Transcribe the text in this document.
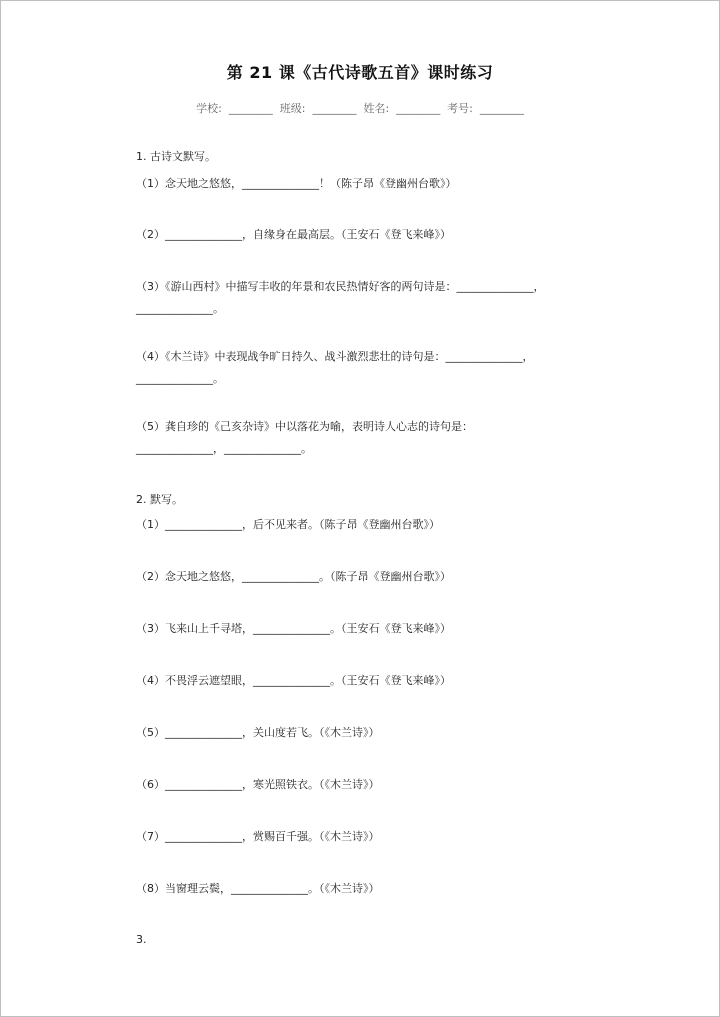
第 21 课《古代诗歌五首》课时练习
学校:  ________  班级:  ________  姓名:  ________  考号:  ________
1. 古诗文默写。
（1）念天地之悠悠，______________！（陈子昂《登幽州台歌》）
（2）______________，自缘身在最高层。（王安石《登飞来峰》）
（3）《游山西村》中描写丰收的年景和农民热情好客的两句诗是：______________，
______________。
（4）《木兰诗》中表现战争旷日持久、战斗激烈悲壮的诗句是：______________，
______________。
（5）龚自珍的《己亥杂诗》中以落花为喻，表明诗人心志的诗句是：
______________，______________。
2. 默写。
（1）______________，后不见来者。（陈子昂《登幽州台歌》）
（2）念天地之悠悠，______________。（陈子昂《登幽州台歌》）
（3）飞来山上千寻塔，______________。（王安石《登飞来峰》）
（4）不畏浮云遮望眼，______________。（王安石《登飞来峰》）
（5）______________，关山度若飞。（《木兰诗》）
（6）______________，寒光照铁衣。（《木兰诗》）
（7）______________，赏赐百千强。（《木兰诗》）
（8）当窗理云鬓，______________。（《木兰诗》）
3.
